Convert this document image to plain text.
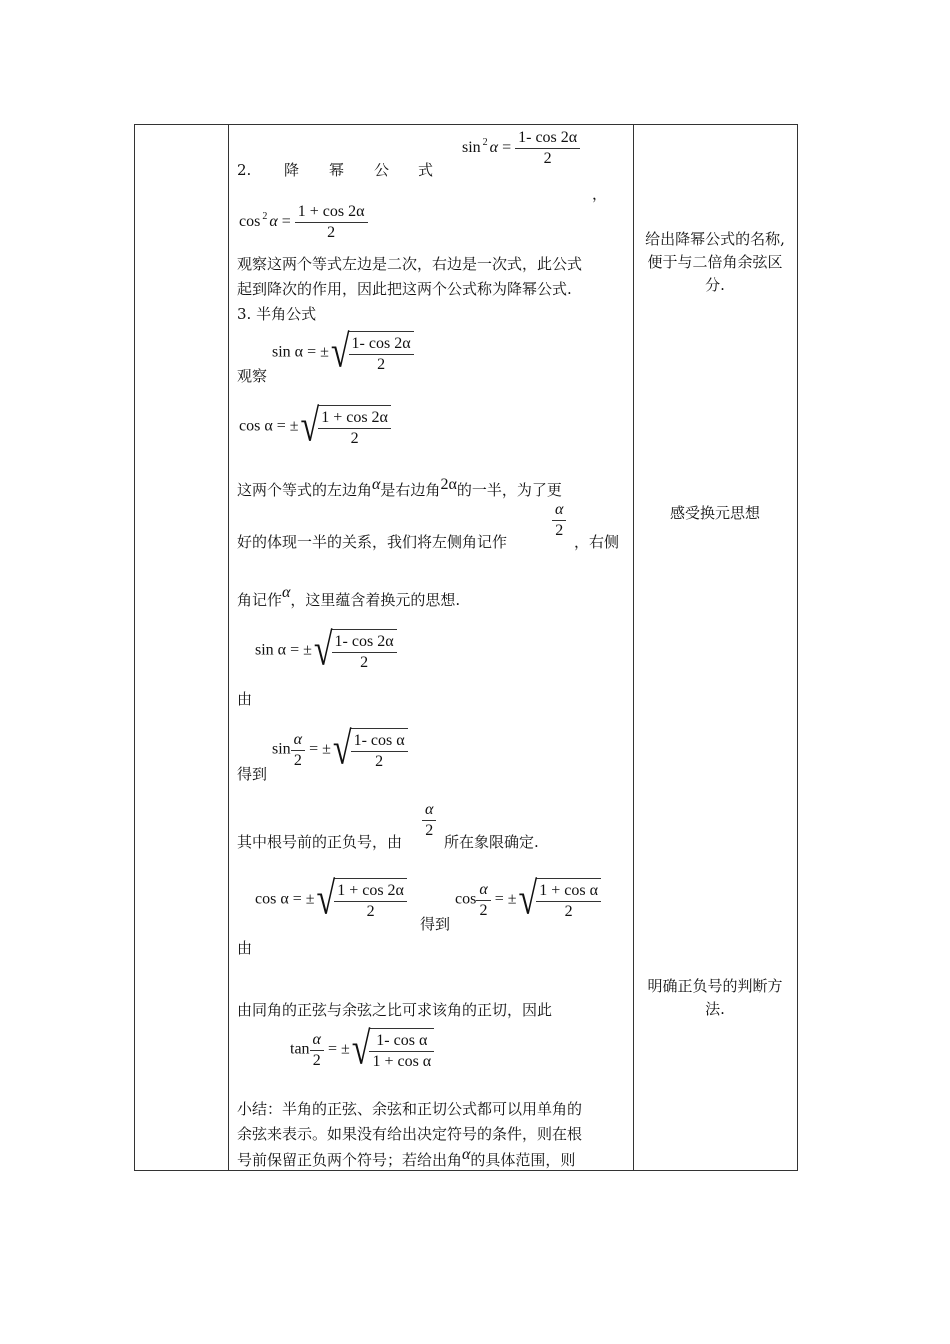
2. 降 幂 公 式
sin $^2$ $\alpha = \frac{1- \cos 2\alpha}{2}$
，
cos $^2$ $\alpha = \frac{1 + \cos 2\alpha}{2}$
观察这两个等式左边是二次，右边是一次式，此公式
起到降次的作用，因此把这两个公式称为降幂公式.
3. 半角公式
sin α = ±√ $\frac{1- \cos 2\alpha}{2}$
观察
cos α = ±√ $\frac{1 + \cos 2\alpha}{2}$
这两个等式的左边角α是右边角2α的一半，为了更
好的体现一半的关系，我们将左侧角记作
$\frac{\alpha}{2}$
，右侧
角记作α，这里蕴含着换元的思想.
sin α = ±√ $\frac{1- \cos 2\alpha}{2}$
由
$\sin \frac{\alpha}{2}$ = ±√ $\frac{\text{1- cos α}}{2}$
得到
其中根号前的正负号，由
$\frac{\alpha}{2}$
所在象限确定.
cos α = ±√ $\frac{1 + \cos 2\alpha}{2}$
得到
$\cos \frac{\alpha}{2}$ = ±√ $\frac{\text{1 + cos α}}{2}$
由
由同角的正弦与余弦之比可求该角的正切，因此
$\tan \frac{\alpha}{2}$ = ±√ $\frac{\text{1- cos α}}{\text{1 + cos α}}$
小结：半角的正弦、余弦和正切公式都可以用单角的
余弦来表示。如果没有给出决定符号的条件，则在根
号前保留正负两个符号；若给出角α的具体范围，则
给出降幂公式的名称, 便于与二倍角余弦区分.
感受换元思想
明确正负号的判断方法.
